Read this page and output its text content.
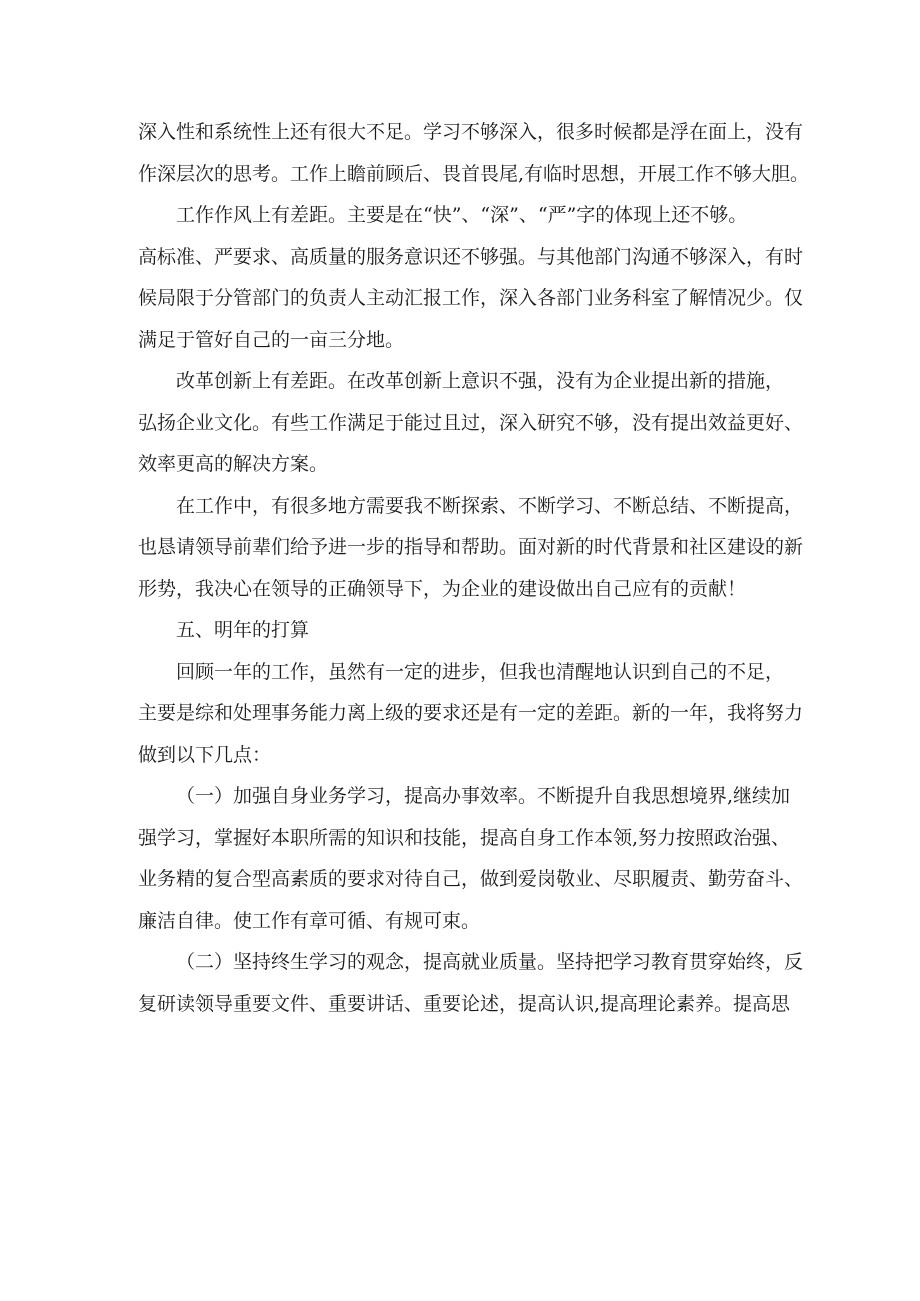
深入性和系统性上还有很大不足。学习不够深入，很多时候都是浮在面上，没有
作深层次的思考。工作上瞻前顾后、畏首畏尾,有临时思想，开展工作不够大胆。
工作作风上有差距。主要是在“快”、“深”、“严”字的体现上还不够。
高标准、严要求、高质量的服务意识还不够强。与其他部门沟通不够深入，有时
候局限于分管部门的负责人主动汇报工作，深入各部门业务科室了解情况少。仅
满足于管好自己的一亩三分地。
改革创新上有差距。在改革创新上意识不强，没有为企业提出新的措施，
弘扬企业文化。有些工作满足于能过且过，深入研究不够，没有提出效益更好、
效率更高的解决方案。
在工作中，有很多地方需要我不断探索、不断学习、不断总结、不断提高，
也恳请领导前辈们给予进一步的指导和帮助。面对新的时代背景和社区建设的新
形势，我决心在领导的正确领导下，为企业的建设做出自己应有的贡献！
五、明年的打算
回顾一年的工作，虽然有一定的进步，但我也清醒地认识到自己的不足，
主要是综和处理事务能力离上级的要求还是有一定的差距。新的一年，我将努力
做到以下几点：
（一）加强自身业务学习，提高办事效率。不断提升自我思想境界,继续加
强学习，掌握好本职所需的知识和技能，提高自身工作本领,努力按照政治强、
业务精的复合型高素质的要求对待自己，做到爱岗敬业、尽职履责、勤劳奋斗、
廉洁自律。使工作有章可循、有规可束。
（二）坚持终生学习的观念，提高就业质量。坚持把学习教育贯穿始终，反
复研读领导重要文件、重要讲话、重要论述，提高认识,提高理论素养。提高思
